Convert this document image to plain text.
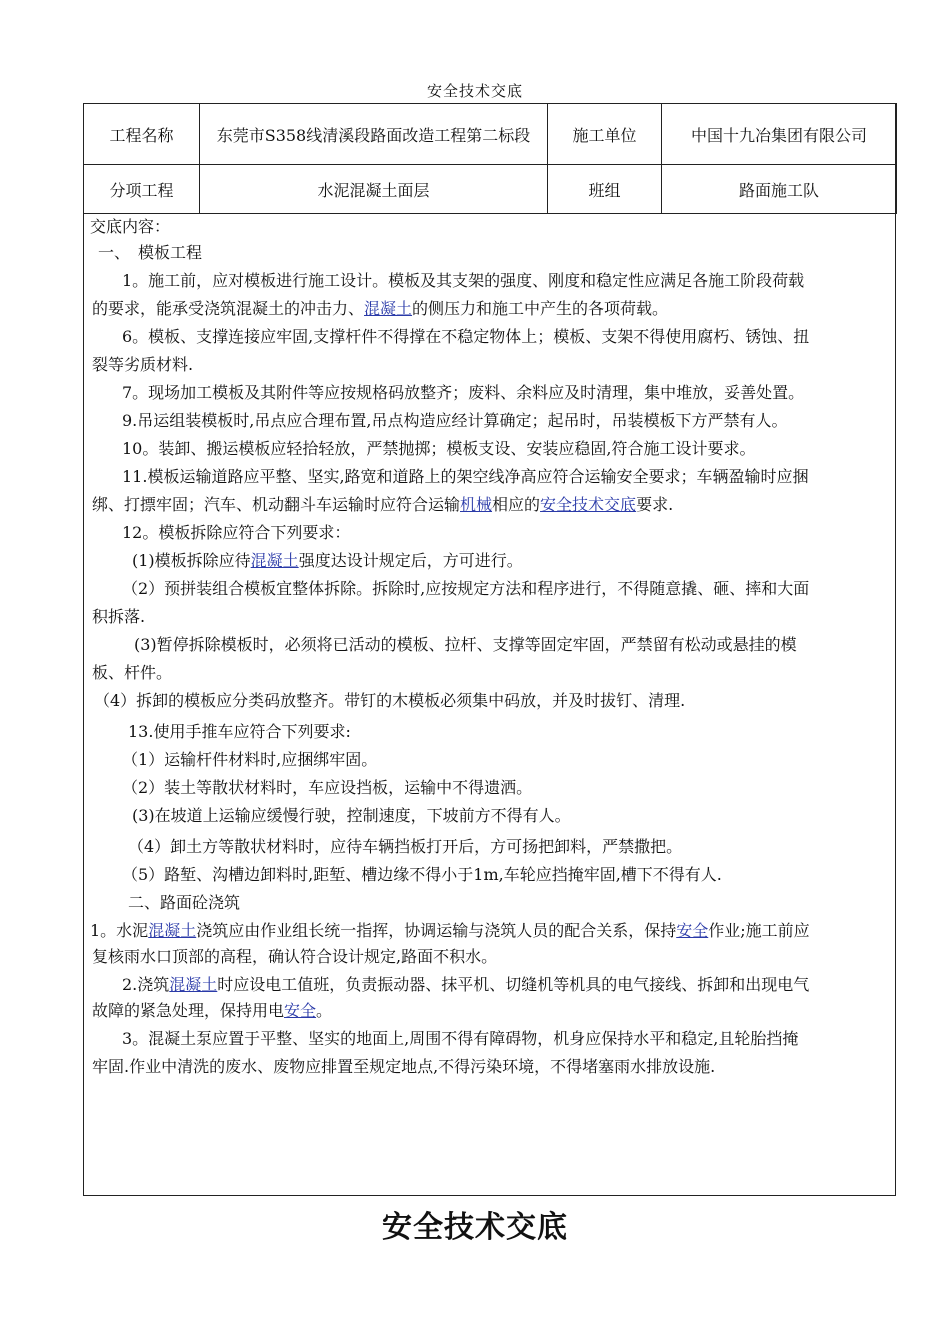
安全技术交底
工程名称	东莞市S358线清溪段路面改造工程第二标段	施工单位	中国十九冶集团有限公司
分项工程	水泥混凝土面层	班组	路面施工队
交底内容：
一、　模板工程
1。施工前，应对模板进行施工设计。模板及其支架的强度、刚度和稳定性应满足各施工阶段荷载
的要求，能承受浇筑混凝土的冲击力、混凝土的侧压力和施工中产生的各项荷载。
6。模板、支撑连接应牢固,支撑杆件不得撑在不稳定物体上；模板、支架不得使用腐朽、锈蚀、扭
裂等劣质材料.
7。现场加工模板及其附件等应按规格码放整齐；废料、余料应及时清理，集中堆放，妥善处置。
9.吊运组装模板时,吊点应合理布置,吊点构造应经计算确定；起吊时，吊装模板下方严禁有人。
10。装卸、搬运模板应轻拾轻放，严禁抛掷；模板支设、安装应稳固,符合施工设计要求。
11.模板运输道路应平整、坚实,路宽和道路上的架空线净高应符合运输安全要求；车辆盈输时应捆
绑、打摽牢固；汽车、机动翻斗车运输时应符合运输机械相应的安全技术交底要求.
12。模板拆除应符合下列要求：
(1)模板拆除应待混凝土强度达设计规定后，方可进行。
（2）预拼装组合模板宜整体拆除。拆除时,应按规定方法和程序进行，不得随意撬、砸、摔和大面
积拆落.
(3)暂停拆除模板时，必须将已活动的模板、拉杆、支撑等固定牢固，严禁留有松动或悬挂的模
板、杆件。
（4）拆卸的模板应分类码放整齐。带钉的木模板必须集中码放，并及时拔钉、清理.
13.使用手推车应符合下列要求:
（1）运输杆件材料时,应捆绑牢固。
（2）装土等散状材料时，车应设挡板，运输中不得遗洒。
(3)在坡道上运输应缓慢行驶，控制速度，下坡前方不得有人。
（4）卸土方等散状材料时，应待车辆挡板打开后，方可扬把卸料，严禁撒把。
（5）路堑、沟槽边卸料时,距堑、槽边缘不得小于1m,车轮应挡掩牢固,槽下不得有人.
二、路面砼浇筑
1。水泥混凝土浇筑应由作业组长统一指挥，协调运输与浇筑人员的配合关系，保持安全作业;施工前应
复核雨水口顶部的高程，确认符合设计规定,路面不积水。
2.浇筑混凝土时应设电工值班，负责振动器、抹平机、切缝机等机具的电气接线、拆卸和出现电气
故障的紧急处理，保持用电安全。
3。混凝土泵应置于平整、坚实的地面上,周围不得有障碍物，机身应保持水平和稳定,且轮胎挡掩
牢固.作业中清洗的废水、废物应排置至规定地点,不得污染环境，不得堵塞雨水排放设施.
安全技术交底
